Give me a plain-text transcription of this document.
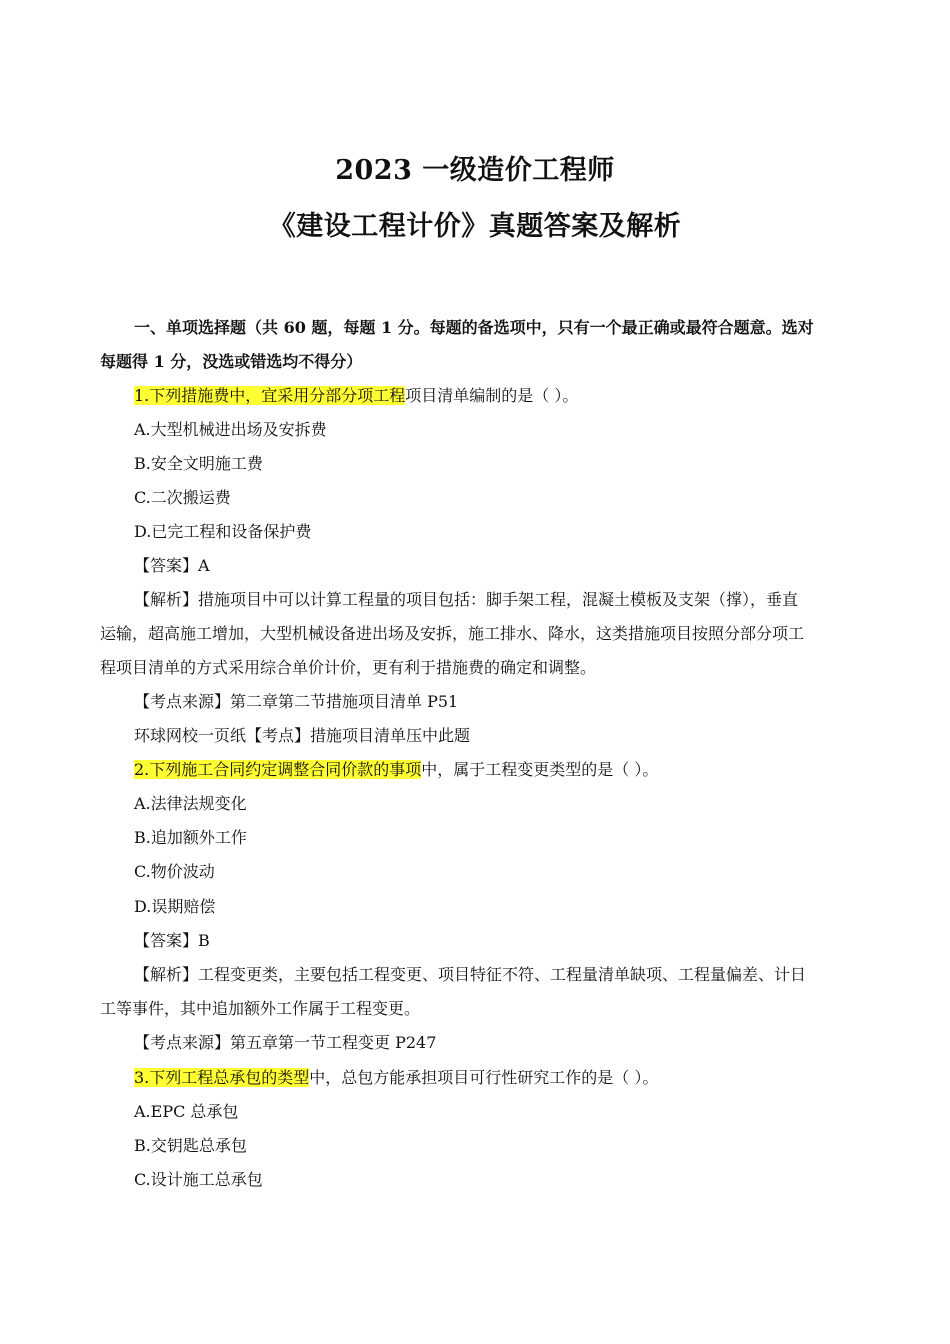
2023 一级造价工程师
《建设工程计价》真题答案及解析
一、单项选择题（共 60 题，每题 1 分。每题的备选项中，只有一个最正确或最符合题意。选对
每题得 1 分，没选或错选均不得分）
1.下列措施费中，宜采用分部分项工程项目清单编制的是（ ）。
A.大型机械进出场及安拆费
B.安全文明施工费
C.二次搬运费
D.已完工程和设备保护费
【答案】A
【解析】措施项目中可以计算工程量的项目包括：脚手架工程，混凝土模板及支架（撑），垂直
运输，超高施工增加，大型机械设备进出场及安拆，施工排水、降水，这类措施项目按照分部分项工
程项目清单的方式采用综合单价计价，更有利于措施费的确定和调整。
【考点来源】第二章第二节措施项目清单 P51
环球网校一页纸【考点】措施项目清单压中此题
2.下列施工合同约定调整合同价款的事项中，属于工程变更类型的是（ ）。
A.法律法规变化
B.追加额外工作
C.物价波动
D.误期赔偿
【答案】B
【解析】工程变更类，主要包括工程变更、项目特征不符、工程量清单缺项、工程量偏差、计日
工等事件，其中追加额外工作属于工程变更。
【考点来源】第五章第一节工程变更 P247
3.下列工程总承包的类型中，总包方能承担项目可行性研究工作的是（ ）。
A.EPC 总承包
B.交钥匙总承包
C.设计施工总承包
